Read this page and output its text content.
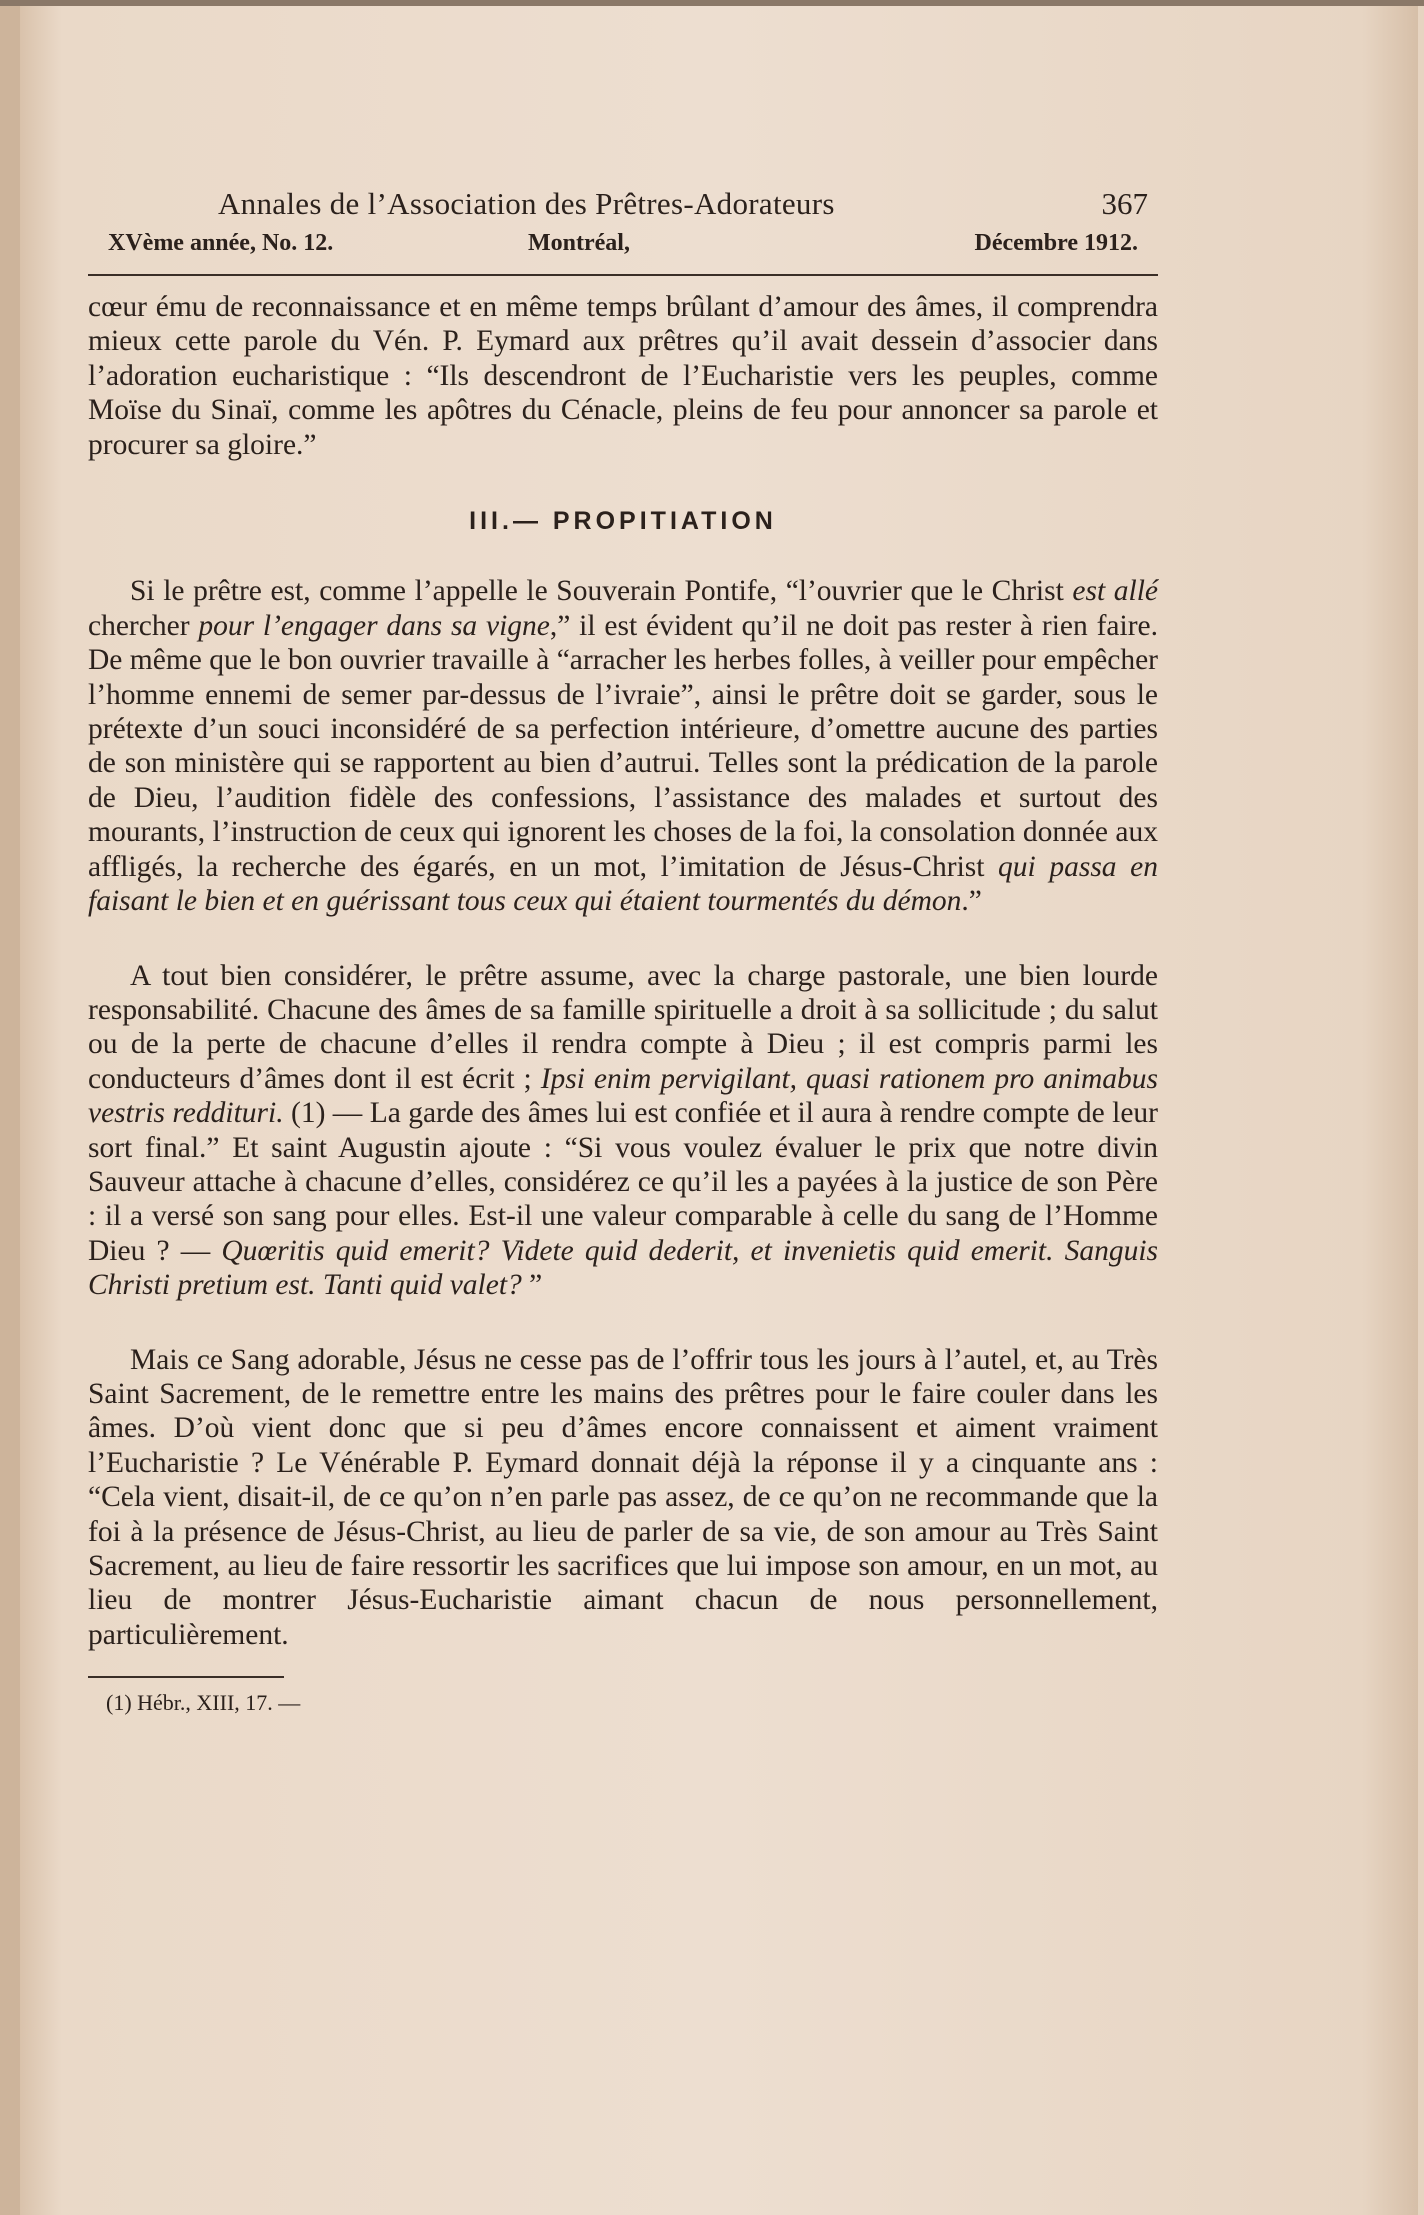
Annales de l’Association des Prêtres-Adorateurs	367
XVème année, No. 12.	Montréal,	Décembre 1912.

cœur ému de reconnaissance et en même temps brûlant d’amour des âmes, il comprendra mieux cette parole du Vén. P. Eymard aux prêtres qu’il avait dessein d’associer dans l’adoration eucharistique : “Ils descendront de l’Eucharistie vers les peuples, comme Moïse du Sinaï, comme les apôtres du Cénacle, pleins de feu pour annoncer sa parole et procurer sa gloire.”

III.— PROPITIATION

Si le prêtre est, comme l’appelle le Souverain Pontife, “l’ouvrier que le Christ est allé chercher pour l’engager dans sa vigne,” il est évident qu’il ne doit pas rester à rien faire. De même que le bon ouvrier travaille à “arracher les herbes folles, à veiller pour empêcher l’homme ennemi de semer par-dessus de l’ivraie”, ainsi le prêtre doit se garder, sous le prétexte d’un souci inconsidéré de sa perfection intérieure, d’omettre aucune des parties de son ministère qui se rapportent au bien d’autrui. Telles sont la prédication de la parole de Dieu, l’audition fidèle des confessions, l’assistance des malades et surtout des mourants, l’instruction de ceux qui ignorent les choses de la foi, la consolation donnée aux affligés, la recherche des égarés, en un mot, l’imitation de Jésus-Christ qui passa en faisant le bien et en guérissant tous ceux qui étaient tourmentés du démon.”

A tout bien considérer, le prêtre assume, avec la charge pastorale, une bien lourde responsabilité. Chacune des âmes de sa famille spirituelle a droit à sa sollicitude ; du salut ou de la perte de chacune d’elles il rendra compte à Dieu ; il est compris parmi les conducteurs d’âmes dont il est écrit ; Ipsi enim pervigilant, quasi rationem pro animabus vestris redditurі. (1) — La garde des âmes lui est confiée et il aura à rendre compte de leur sort final.” Et saint Augustin ajoute : “Si vous voulez évaluer le prix que notre divin Sauveur attache à chacune d’elles, considérez ce qu’il les a payées à la justice de son Père : il a versé son sang pour elles. Est-il une valeur comparable à celle du sang de l’Homme Dieu ? — Quœritis quid emerit? Videte quid dederit, et invenietis quid emerit. Sanguis Christi pretium est. Tanti quid valet? ”

Mais ce Sang adorable, Jésus ne cesse pas de l’offrir tous les jours à l’autel, et, au Très Saint Sacrement, de le remettre entre les mains des prêtres pour le faire couler dans les âmes. D’où vient donc que si peu d’âmes encore connaissent et aiment vraiment l’Eucharistie ? Le Vénérable P. Eymard donnait déjà la réponse il y a cinquante ans : “Cela vient, disait-il, de ce qu’on n’en parle pas assez, de ce qu’on ne recommande que la foi à la présence de Jésus-Christ, au lieu de parler de sa vie, de son amour au Très Saint Sacrement, au lieu de faire ressortir les sacrifices que lui impose son amour, en un mot, au lieu de montrer Jésus-Eucharistie aimant chacun de nous personnellement, particulièrement.

(1) Hébr., XIII, 17. —
